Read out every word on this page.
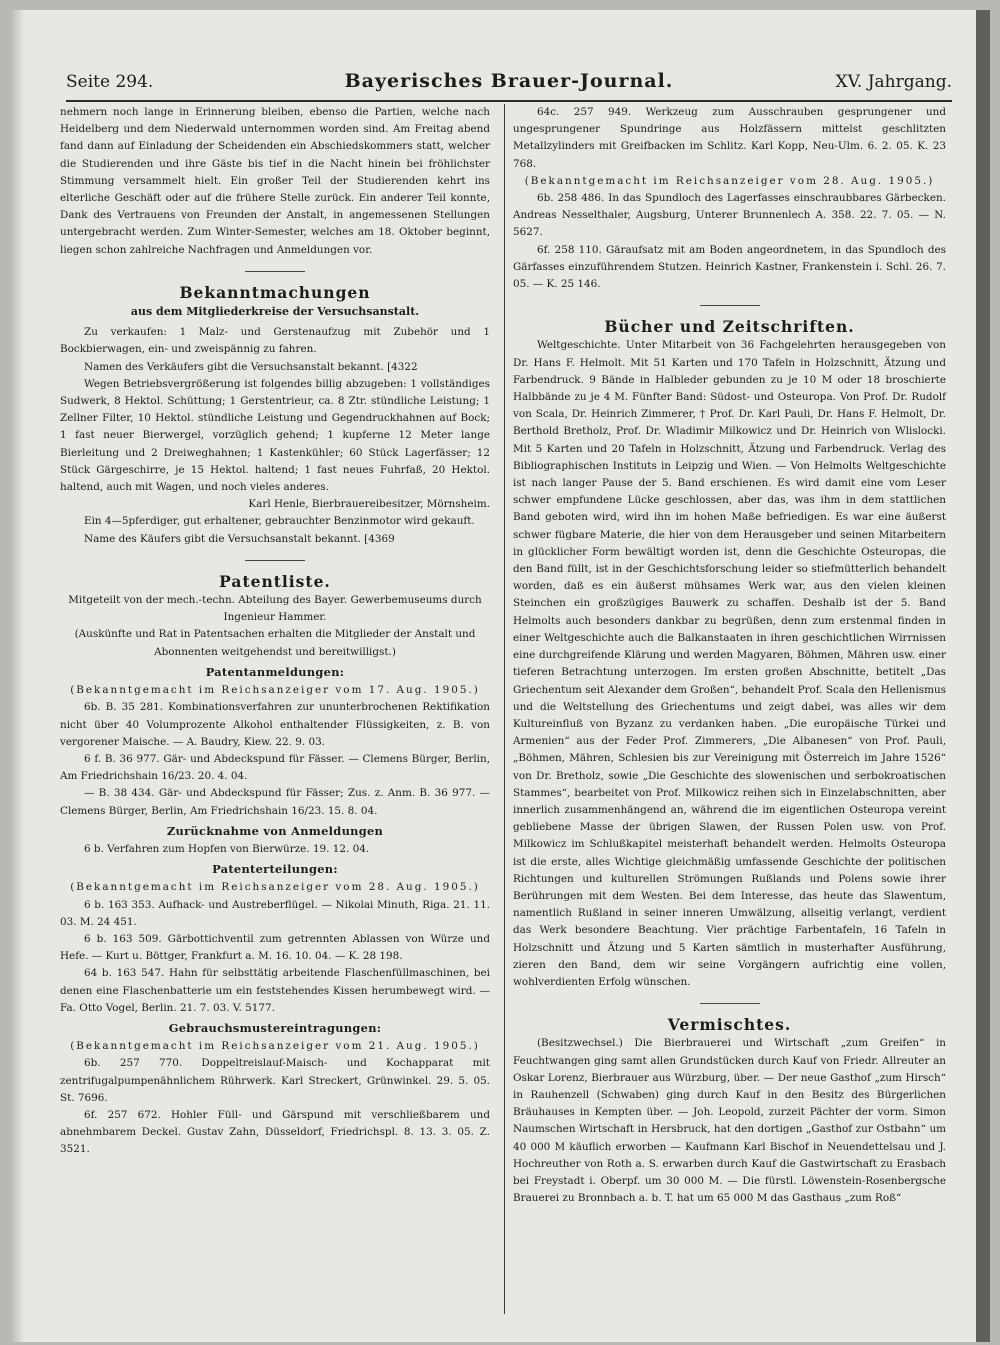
Seite 294.	Bayerisches Brauer-Journal.	XV. Jahrgang.

nehmern noch lange in Erinnerung bleiben, ebenso die Partien, welche nach Heidelberg und dem Niederwald unternommen worden sind. Am Freitag abend fand dann auf Einladung der Scheidenden ein Abschiedskommers statt, welcher die Studierenden und ihre Gäste bis tief in die Nacht hinein bei fröhlichster Stimmung versammelt hielt. Ein großer Teil der Studierenden kehrt ins elterliche Geschäft oder auf die frühere Stelle zurück. Ein anderer Teil konnte, Dank des Vertrauens von Freunden der Anstalt, in angemessenen Stellungen untergebracht werden. Zum Winter-Semester, welches am 18. Oktober beginnt, liegen schon zahlreiche Nachfragen und Anmeldungen vor.

Bekanntmachungen
aus dem Mitgliederkreise der Versuchsanstalt.

Zu verkaufen: 1 Malz- und Gerstenaufzug mit Zubehör und 1 Bockbierwagen, ein- und zweispännig zu fahren.

Namen des Verkäufers gibt die Versuchsanstalt bekannt. [4322

Wegen Betriebsvergrößerung ist folgendes billig abzugeben: 1 vollständiges Sudwerk, 8 Hektol. Schüttung; 1 Gerstentrieur, ca. 8 Ztr. stündliche Leistung; 1 Zellner Filter, 10 Hektol. stündliche Leistung und Gegendruckhahnen auf Bock; 1 fast neuer Bierwergel, vorzüglich gehend; 1 kupferne 12 Meter lange Bierleitung und 2 Dreiweghahnen; 1 Kastenkühler; 60 Stück Lagerfässer; 12 Stück Gärgeschirre, je 15 Hektol. haltend; 1 fast neues Fuhrfaß, 20 Hektol. haltend, auch mit Wagen, und noch vieles anderes.

Karl Henle, Bierbrauereibesitzer, Mörnsheim.

Ein 4—5pferdiger, gut erhaltener, gebrauchter Benzinmotor wird gekauft.

Name des Käufers gibt die Versuchsanstalt bekannt. [4369

Patentliste.

Mitgeteilt von der mech.-techn. Abteilung des Bayer. Gewerbemuseums durch Ingenieur Hammer.

(Auskünfte und Rat in Patentsachen erhalten die Mitglieder der Anstalt und Abonnenten weitgehendst und bereitwilligst.)

Patentanmeldungen:

(Bekanntgemacht im Reichsanzeiger vom 17. Aug. 1905.)

6b. B. 35 281. Kombinationsverfahren zur ununterbrochenen Rektifikation nicht über 40 Volumprozente Alkohol enthaltender Flüssigkeiten, z. B. von vergorener Maische. — A. Baudry, Kiew. 22. 9. 03.

6 f. B. 36 977. Gär- und Abdeckspund für Fässer. — Clemens Bürger, Berlin, Am Friedrichshain 16/23. 20. 4. 04.

— B. 38 434. Gär- und Abdeckspund für Fässer; Zus. z. Anm. B. 36 977. — Clemens Bürger, Berlin, Am Friedrichshain 16/23. 15. 8. 04.

Zurücknahme von Anmeldungen

6 b. Verfahren zum Hopfen von Bierwürze. 19. 12. 04.

Patenterteilungen:

(Bekanntgemacht im Reichsanzeiger vom 28. Aug. 1905.)

6 b. 163 353. Aufhack- und Austreberflügel. — Nikolai Minuth, Riga. 21. 11. 03. M. 24 451.

6 b. 163 509. Gärbottichventil zum getrennten Ablassen von Würze und Hefe. — Kurt u. Böttger, Frankfurt a. M. 16. 10. 04. — K. 28 198.

64 b. 163 547. Hahn für selbsttätig arbeitende Flaschenfüllmaschinen, bei denen eine Flaschenbatterie um ein feststehendes Kissen herumbewegt wird. — Fa. Otto Vogel, Berlin. 21. 7. 03. V. 5177.

Gebrauchsmustereintragungen:

(Bekanntgemacht im Reichsanzeiger vom 21. Aug. 1905.)

6b. 257 770. Doppeltreislauf-Maisch- und Kochapparat mit zentrifugalpumpenähnlichem Rührwerk. Karl Streckert, Grünwinkel. 29. 5. 05. St. 7696.

6f. 257 672. Hohler Füll- und Gärspund mit verschließbarem und abnehmbarem Deckel. Gustav Zahn, Düsseldorf, Friedrichspl. 8. 13. 3. 05. Z. 3521.

64c. 257 949. Werkzeug zum Ausschrauben gesprungener und ungesprungener Spundringe aus Holzfässern mittelst geschlitzten Metallzylinders mit Greifbacken im Schlitz. Karl Kopp, Neu-Ulm. 6. 2. 05. K. 23 768.

(Bekanntgemacht im Reichsanzeiger vom 28. Aug. 1905.)

6b. 258 486. In das Spundloch des Lagerfasses einschraubbares Gärbecken. Andreas Nesselthaler, Augsburg, Unterer Brunnenlech A. 358. 22. 7. 05. — N. 5627.

6f. 258 110. Gäraufsatz mit am Boden angeordnetem, in das Spundloch des Gärfasses einzuführendem Stutzen. Heinrich Kastner, Frankenstein i. Schl. 26. 7. 05. — K. 25 146.

Bücher und Zeitschriften.

Weltgeschichte. Unter Mitarbeit von 36 Fachgelehrten herausgegeben von Dr. Hans F. Helmolt. Mit 51 Karten und 170 Tafeln in Holzschnitt, Ätzung und Farbendruck. 9 Bände in Halbleder gebunden zu je 10 M oder 18 broschierte Halbbände zu je 4 M. Fünfter Band: Südost- und Osteuropa. Von Prof. Dr. Rudolf von Scala, Dr. Heinrich Zimmerer, † Prof. Dr. Karl Pauli, Dr. Hans F. Helmolt, Dr. Berthold Bretholz, Prof. Dr. Wladimir Milkowicz und Dr. Heinrich von Wlislocki. Mit 5 Karten und 20 Tafeln in Holzschnitt, Ätzung und Farbendruck. Verlag des Bibliographischen Instituts in Leipzig und Wien. — Von Helmolts Weltgeschichte ist nach langer Pause der 5. Band erschienen. Es wird damit eine vom Leser schwer empfundene Lücke geschlossen, aber das, was ihm in dem stattlichen Band geboten wird, wird ihn im hohen Maße befriedigen. Es war eine äußerst schwer fügbare Materie, die hier von dem Herausgeber und seinen Mitarbeitern in glücklicher Form bewältigt worden ist, denn die Geschichte Osteuropas, die den Band füllt, ist in der Geschichtsforschung leider so stiefmütterlich behandelt worden, daß es ein äußerst mühsames Werk war, aus den vielen kleinen Steinchen ein großzügiges Bauwerk zu schaffen. Deshalb ist der 5. Band Helmolts auch besonders dankbar zu begrüßen, denn zum erstenmal finden in einer Weltgeschichte auch die Balkanstaaten in ihren geschichtlichen Wirrnissen eine durchgreifende Klärung und werden Magyaren, Böhmen, Mähren usw. einer tieferen Betrachtung unterzogen. Im ersten großen Abschnitte, betitelt „Das Griechentum seit Alexander dem Großen“, behandelt Prof. Scala den Hellenismus und die Weltstellung des Griechentums und zeigt dabei, was alles wir dem Kultureinfluß von Byzanz zu verdanken haben. „Die europäische Türkei und Armenien“ aus der Feder Prof. Zimmerers, „Die Albanesen“ von Prof. Pauli, „Böhmen, Mähren, Schlesien bis zur Vereinigung mit Österreich im Jahre 1526“ von Dr. Bretholz, sowie „Die Geschichte des slowenischen und serbokroatischen Stammes“, bearbeitet von Prof. Milkowicz reihen sich in Einzelabschnitten, aber innerlich zusammenhängend an, während die im eigentlichen Osteuropa vereint gebliebene Masse der übrigen Slawen, der Russen Polen usw. von Prof. Milkowicz im Schlußkapitel meisterhaft behandelt werden. Helmolts Osteuropa ist die erste, alles Wichtige gleichmäßig umfassende Geschichte der politischen Richtungen und kulturellen Strömungen Rußlands und Polens sowie ihrer Berührungen mit dem Westen. Bei dem Interesse, das heute das Slawentum, namentlich Rußland in seiner inneren Umwälzung, allseitig verlangt, verdient das Werk besondere Beachtung. Vier prächtige Farbentafeln, 16 Tafeln in Holzschnitt und Ätzung und 5 Karten sämtlich in musterhafter Ausführung, zieren den Band, dem wir seine Vorgängern aufrichtig eine vollen, wohlverdienten Erfolg wünschen.

Vermischtes.

(Besitzwechsel.) Die Bierbrauerei und Wirtschaft „zum Greifen“ in Feuchtwangen ging samt allen Grundstücken durch Kauf von Friedr. Allreuter an Oskar Lorenz, Bierbrauer aus Würzburg, über. — Der neue Gasthof „zum Hirsch“ in Rauhenzell (Schwaben) ging durch Kauf in den Besitz des Bürgerlichen Bräuhauses in Kempten über. — Joh. Leopold, zurzeit Pächter der vorm. Simon Naumschen Wirtschaft in Hersbruck, hat den dortigen „Gasthof zur Ostbahn“ um 40 000 M käuflich erworben — Kaufmann Karl Bischof in Neuendettelsau und J. Hochreuther von Roth a. S. erwarben durch Kauf die Gastwirtschaft zu Erasbach bei Freystadt i. Oberpf. um 30 000 M. — Die fürstl. Löwenstein-Rosenbergsche Brauerei zu Bronnbach a. b. T. hat um 65 000 M das Gasthaus „zum Roß“
